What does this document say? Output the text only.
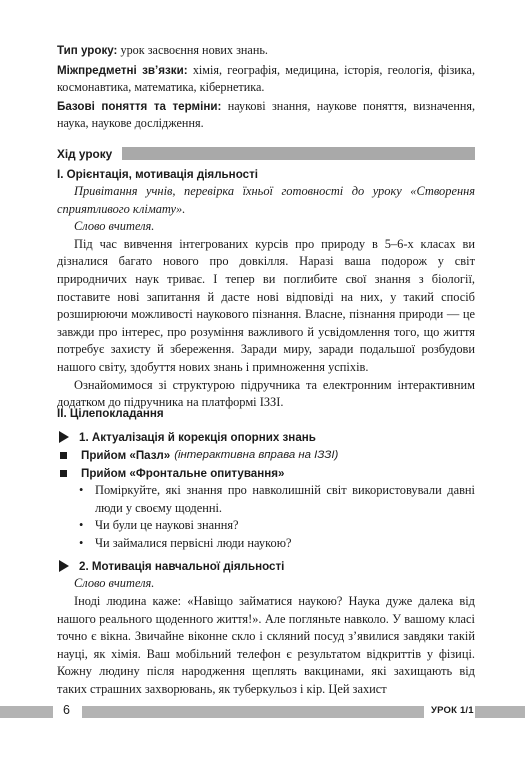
Тип уроку: урок засвоєння нових знань.
Міжпредметні зв’язки: хімія, географія, медицина, історія, геологія, фізика, космонавтика, математика, кібернетика.
Базові поняття та терміни: наукові знання, наукове поняття, визначення, наука, наукове дослідження.
Хід уроку

I. Орієнтація, мотивація діяльності

Привітання учнів, перевірка їхньої готовності до уроку «Створення сприятливого клімату».

Слово вчителя.

Під час вивчення інтегрованих курсів про природу в 5–6-х класах ви дізналися багато нового про довкілля. Наразі ваша подорож у світ природничих наук триває. І тепер ви поглибите свої знання з біології, поставите нові запитання й дасте нові відповіді на них, у такий спосіб розширюючи можливості наукового пізнання. Власне, пізнання природи — це завжди про інтерес, про розуміння важливого й усвідомлення того, що життя потребує захисту й збереження. Заради миру, заради подальшої розбудови нашого світу, здобуття нових знань і примноження успіхів.

Ознайомимося зі структурою підручника та електронним інтерактивним додатком до підручника на платформі ІЗЗІ.

II. Цілепокладання

1. Актуалізація й корекція опорних знань
Прийом «Пазл»
(інтерактивна вправа на ІЗЗІ)
Прийом «Фронтальне опитування»
• Поміркуйте, які знання про навколишній світ використовували давні люди у своєму щоденні.
• Чи були це наукові знання?
• Чи займалися первісні люди наукою?
2. Мотивація навчальної діяльності

Слово вчителя.

Іноді людина каже: «Навіщо займатися наукою? Наука дуже далека від нашого реального щоденного життя!». Але погляньте навколо. У вашому класі точно є вікна. Звичайне віконне скло і скляний посуд з’явилися завдяки такій науці, як хімія. Ваш мобільний телефон є результатом відкриттів у фізиці. Кожну людину після народження щеплять вакцинами, які захищають від таких страшних захворювань, як туберкульоз і кір. Цей захист

6	УРОК 1/1
